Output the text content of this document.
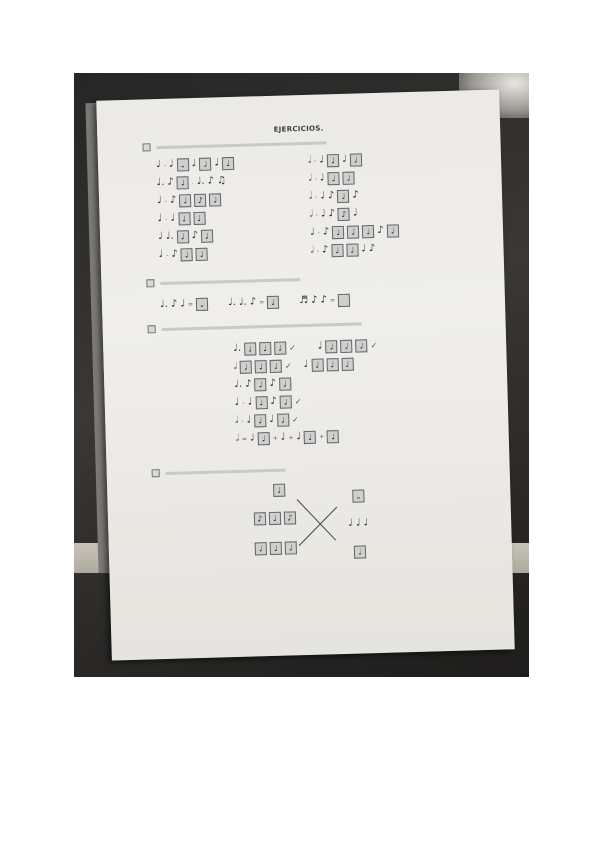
EJERCICIOS.

♩ - ♩ 𝅝 ♩ ♩ ♩ ♩
♩. ♪ ♩	. ♩. ♪ ♫
♩ - ♪ ♩	♪	♩
♩ - ♩ ♩	♩
♩ ♩. ♩ ♪ ♩
♩ - ♪ ♩	♩
𝅗𝅥 - ♩ ♩ ♩ ♩
𝅗𝅥 - ♩ ♩	♩
𝅗𝅥 - ♩ ♪ ♩ ♪
𝅗𝅥 - ♩ ♪ ♪ ♩
♩ - ♪ ♩	♩	♩ ♪ ♩
𝅗𝅥 - ♪ ♩	♩ ♩ ♪

♩. ♪ ♩ = 𝅝	♩. ♩. ♪ = ♩	♬ ♪ ♪ =

♩. ♩	♩	♩ ✓ ♩ ♩	♩	♩ ✓
𝅗𝅥 ♩	♩	♩ ✓ ♩ ♩	♩	♩
♩. ♪ ♩ ♪ ♩
♩ - ♩ ♩ ♪ ♩ ✓
𝅗𝅥 - ♩ ♩ ♩ ♩ ✓
𝅗𝅥 = ♩ ♩	+ ♩ + ♩ ♩	+ ♩

♩
♪	♩	♪
♩	♩	♩
𝅝
♩ ♩ ♩
𝅗𝅥
